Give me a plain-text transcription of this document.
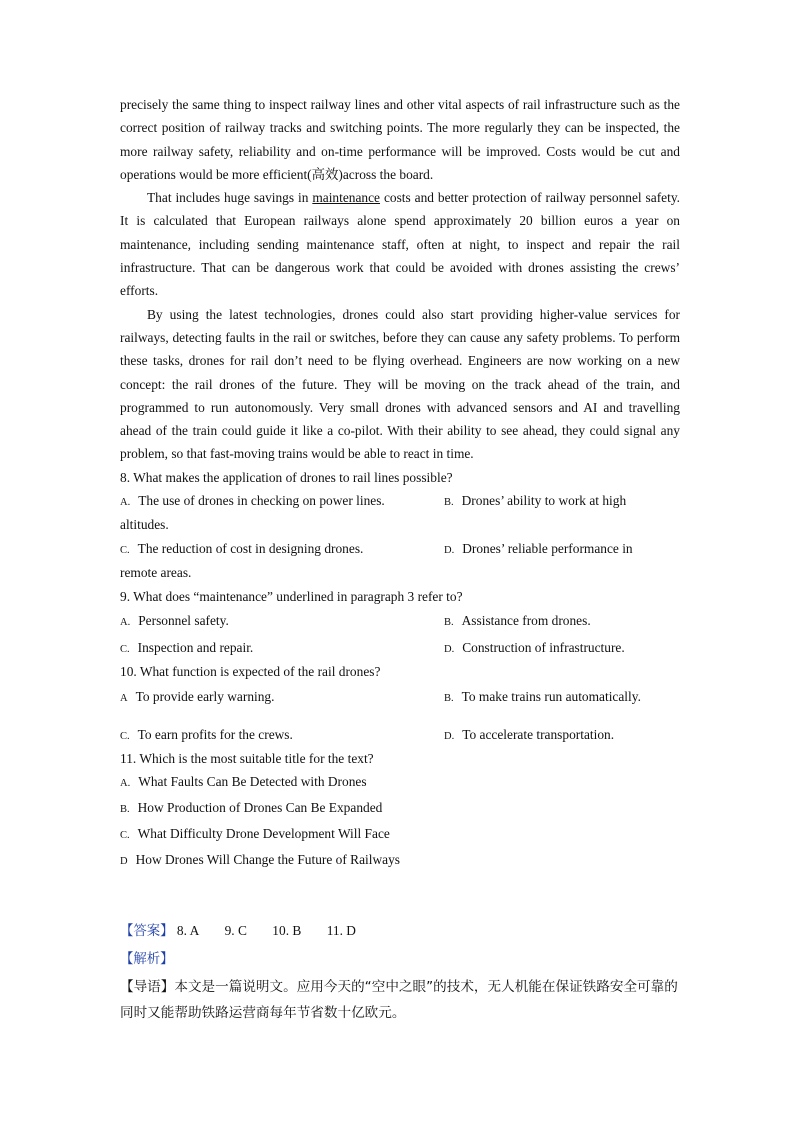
precisely the same thing to inspect railway lines and other vital aspects of rail infrastructure such as the correct position of railway tracks and switching points. The more regularly they can be inspected, the more railway safety, reliability and on-time performance will be improved. Costs would be cut and operations would be more efficient(高效)across the board.

That includes huge savings in maintenance costs and better protection of railway personnel safety. It is calculated that European railways alone spend approximately 20 billion euros a year on maintenance, including sending maintenance staff, often at night, to inspect and repair the rail infrastructure. That can be dangerous work that could be avoided with drones assisting the crews’ efforts.

By using the latest technologies, drones could also start providing higher-value services for railways, detecting faults in the rail or switches, before they can cause any safety problems. To perform these tasks, drones for rail don’t need to be flying overhead. Engineers are now working on a new concept: the rail drones of the future. They will be moving on the track ahead of the train, and programmed to run autonomously. Very small drones with advanced sensors and AI and travelling ahead of the train could guide it like a co-pilot. With their ability to see ahead, they could signal any problem, so that fast-moving trains would be able to react in time.

8. What makes the application of drones to rail lines possible?

A. The use of drones in checking on power lines.	B. Drones’ ability to work at high
altitudes.
C. The reduction of cost in designing drones.	D. Drones’ reliable performance in
remote areas.

9. What does “maintenance” underlined in paragraph 3 refer to?

A. Personnel safety.	B. Assistance from drones.
C. Inspection and repair.	D. Construction of infrastructure.

10. What function is expected of the rail drones?

A To provide early warning.	B. To make trains run automatically.
C. To earn profits for the crews.	D. To accelerate transportation.

11. Which is the most suitable title for the text?

A. What Faults Can Be Detected with Drones
B. How Production of Drones Can Be Expanded
C. What Difficulty Drone Development Will Face
D How Drones Will Change the Future of Railways
【答案】 8. A 9. C 10. B 11. D
【解析】
【导语】本文是一篇说明文。应用今天的“空中之眼”的技术，无人机能在保证铁路安全可靠的同时又能帮助铁路运营商每年节省数十亿欧元。
